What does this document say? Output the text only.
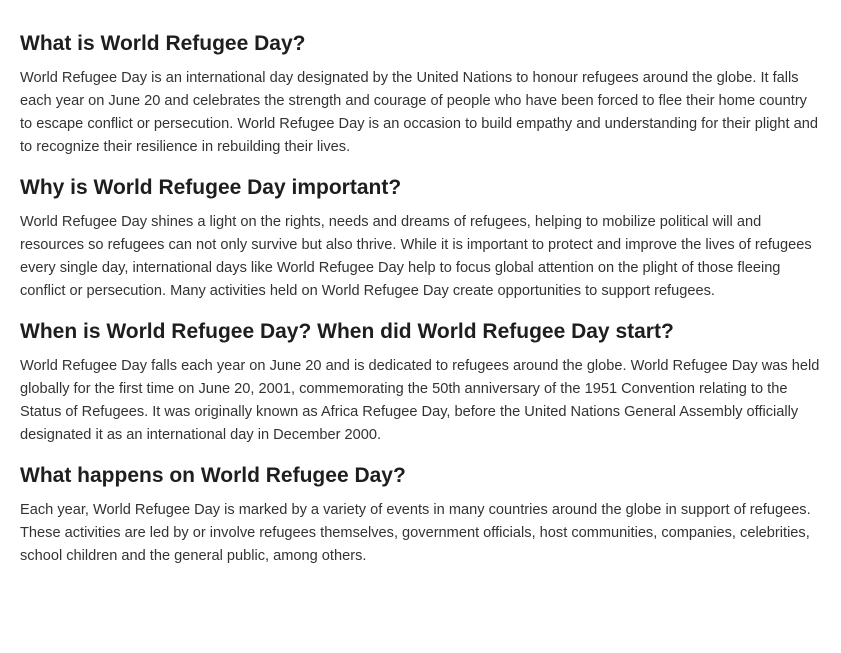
What is World Refugee Day?

World Refugee Day is an international day designated by the United Nations to honour refugees around the globe. It falls each year on June 20 and celebrates the strength and courage of people who have been forced to flee their home country to escape conflict or persecution. World Refugee Day is an occasion to build empathy and understanding for their plight and to recognize their resilience in rebuilding their lives.

Why is World Refugee Day important?

World Refugee Day shines a light on the rights, needs and dreams of refugees, helping to mobilize political will and resources so refugees can not only survive but also thrive. While it is important to protect and improve the lives of refugees every single day, international days like World Refugee Day help to focus global attention on the plight of those fleeing conflict or persecution. Many activities held on World Refugee Day create opportunities to support refugees.

When is World Refugee Day? When did World Refugee Day start?

World Refugee Day falls each year on June 20 and is dedicated to refugees around the globe. World Refugee Day was held globally for the first time on June 20, 2001, commemorating the 50th anniversary of the 1951 Convention relating to the Status of Refugees. It was originally known as Africa Refugee Day, before the United Nations General Assembly officially designated it as an international day in December 2000.

What happens on World Refugee Day?

Each year, World Refugee Day is marked by a variety of events in many countries around the globe in support of refugees. These activities are led by or involve refugees themselves, government officials, host communities, companies, celebrities, school children and the general public, among others.
